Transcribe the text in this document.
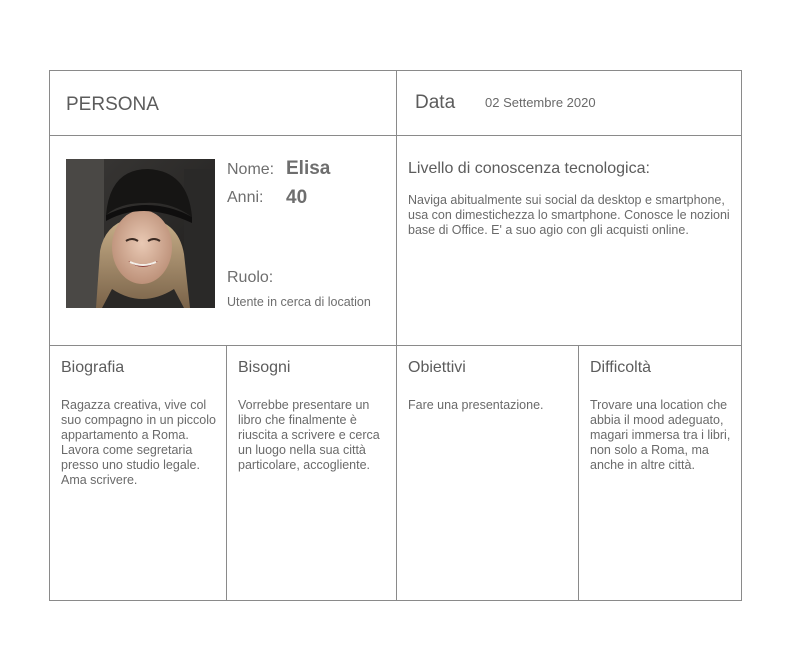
PERSONA	Data 02 Settembre 2020
Nome: Elisa
Anni: 40
Ruolo:
Utente in cerca di location
Livello di conoscenza tecnologica:
Naviga abitualmente sui social da desktop e smartphone, usa con dimestichezza lo smartphone. Conosce le nozioni base di Office. E' a suo agio con gli acquisti online.
Biografia
Ragazza creativa, vive col suo compagno in un piccolo appartamento a Roma. Lavora come segretaria presso uno studio legale. Ama scrivere.
Bisogni
Vorrebbe presentare un libro che finalmente è riuscita a scrivere e cerca un luogo nella sua città particolare, accogliente.
Obiettivi
Fare una presentazione.
Difficoltà
Trovare una location che abbia il mood adeguato, magari immersa tra i libri, non solo a Roma, ma anche in altre città.
